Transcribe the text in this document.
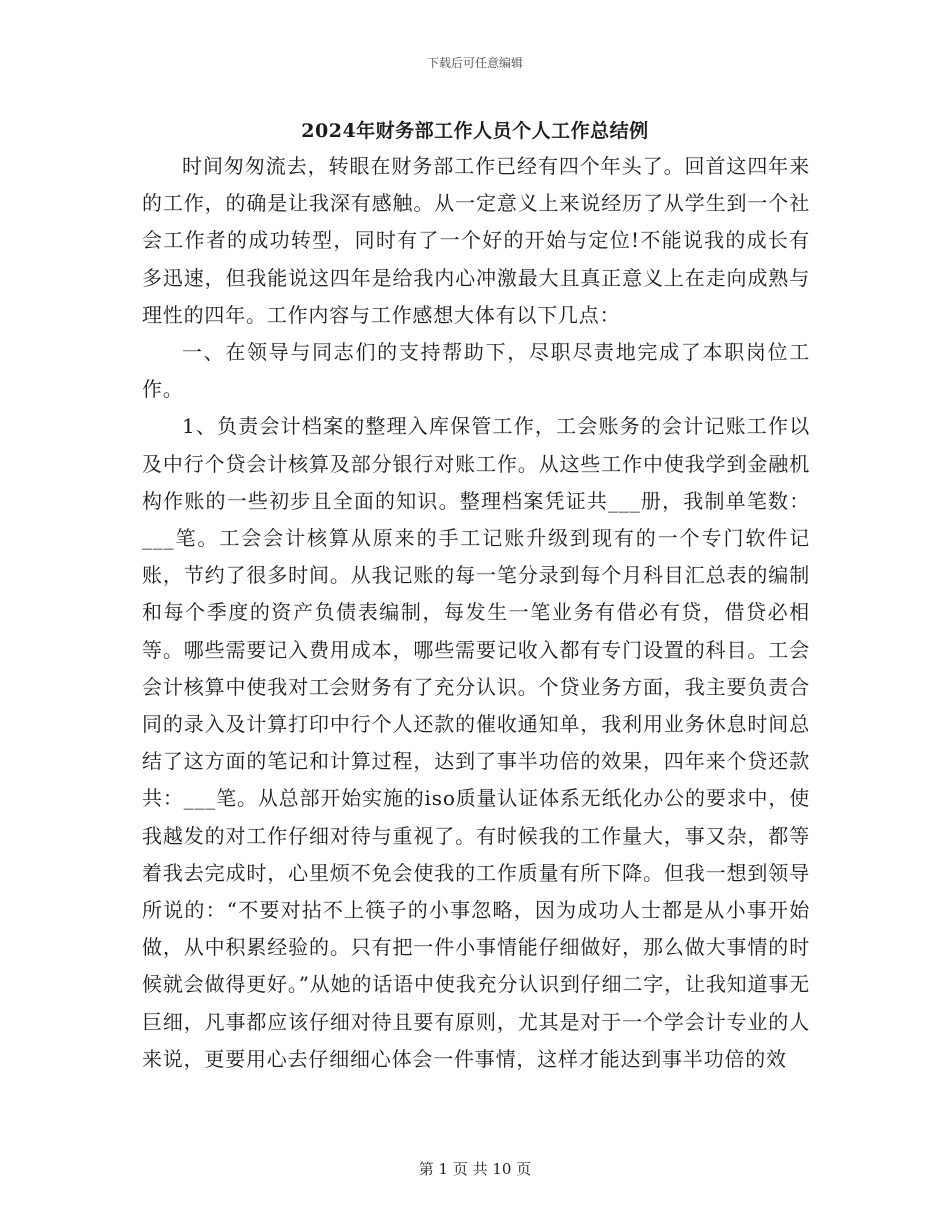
下载后可任意编辑
2024年财务部工作人员个人工作总结例

时间匆匆流去，转眼在财务部工作已经有四个年头了。回首这四年来的工作，的确是让我深有感触。从一定意义上来说经历了从学生到一个社会工作者的成功转型，同时有了一个好的开始与定位!不能说我的成长有多迅速，但我能说这四年是给我内心冲激最大且真正意义上在走向成熟与理性的四年。工作内容与工作感想大体有以下几点：

一、在领导与同志们的支持帮助下，尽职尽责地完成了本职岗位工作。

1、负责会计档案的整理入库保管工作，工会账务的会计记账工作以及中行个贷会计核算及部分银行对账工作。从这些工作中使我学到金融机构作账的一些初步且全面的知识。整理档案凭证共___册，我制单笔数：___笔。工会会计核算从原来的手工记账升级到现有的一个专门软件记账，节约了很多时间。从我记账的每一笔分录到每个月科目汇总表的编制和每个季度的资产负债表编制，每发生一笔业务有借必有贷，借贷必相等。哪些需要记入费用成本，哪些需要记收入都有专门设置的科目。工会会计核算中使我对工会财务有了充分认识。个贷业务方面，我主要负责合同的录入及计算打印中行个人还款的催收通知单，我利用业务休息时间总结了这方面的笔记和计算过程，达到了事半功倍的效果，四年来个贷还款共：___笔。从总部开始实施的iso质量认证体系无纸化办公的要求中，使我越发的对工作仔细对待与重视了。有时候我的工作量大，事又杂，都等着我去完成时，心里烦不免会使我的工作质量有所下降。但我一想到领导所说的：“不要对拈不上筷子的小事忽略，因为成功人士都是从小事开始做，从中积累经验的。只有把一件小事情能仔细做好，那么做大事情的时候就会做得更好。”从她的话语中使我充分认识到仔细二字，让我知道事无巨细，凡事都应该仔细对待且要有原则，尤其是对于一个学会计专业的人来说，更要用心去仔细细心体会一件事情，这样才能达到事半功倍的效

第 1 页 共 10 页
